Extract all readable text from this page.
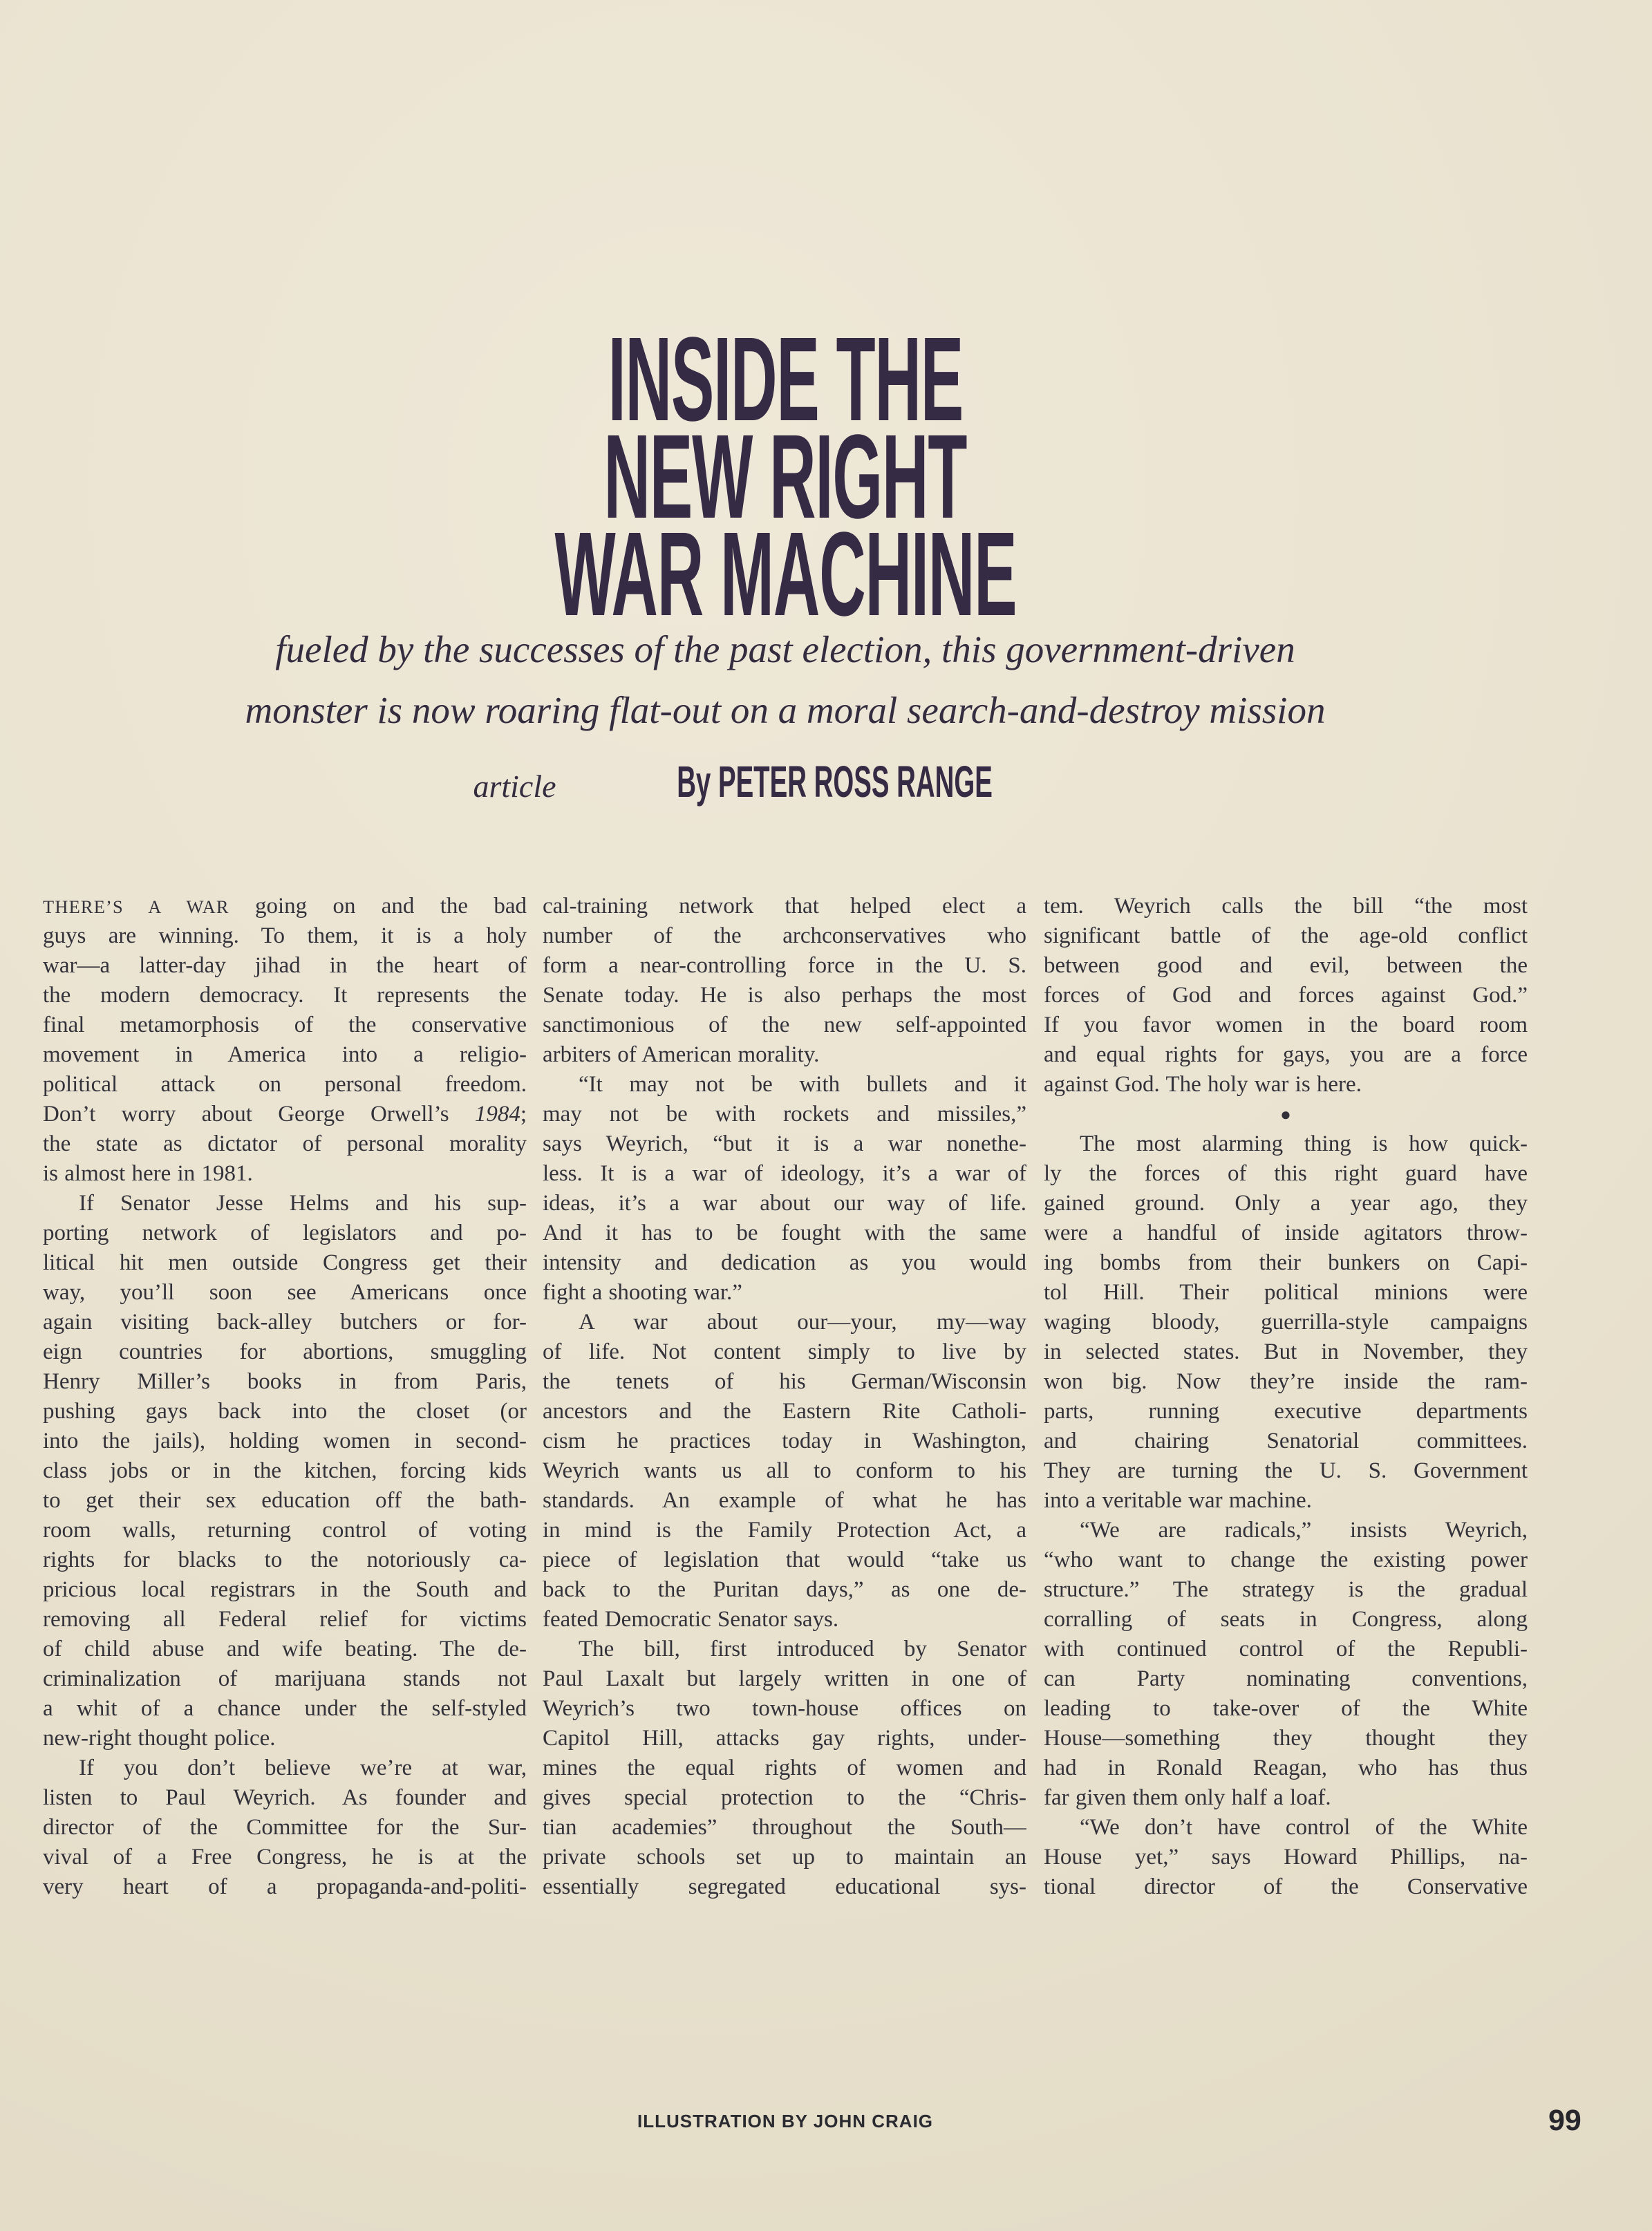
INSIDE THE
NEW RIGHT
WAR MACHINE
fueled by the successes of the past election, this government-driven
monster is now roaring flat-out on a moral search-and-destroy mission
article	By PETER ROSS RANGE
THERE’S A WAR going on and the bad
guys are winning. To them, it is a holy
war—a latter-day jihad in the heart of
the modern democracy. It represents the
final metamorphosis of the conservative
movement in America into a religio-
political attack on personal freedom.
Don’t worry about George Orwell’s 1984;
the state as dictator of personal morality
is almost here in 1981.
If Senator Jesse Helms and his sup-
porting network of legislators and po-
litical hit men outside Congress get their
way, you’ll soon see Americans once
again visiting back-alley butchers or for-
eign countries for abortions, smuggling
Henry Miller’s books in from Paris,
pushing gays back into the closet (or
into the jails), holding women in second-
class jobs or in the kitchen, forcing kids
to get their sex education off the bath-
room walls, returning control of voting
rights for blacks to the notoriously ca-
pricious local registrars in the South and
removing all Federal relief for victims
of child abuse and wife beating. The de-
criminalization of marijuana stands not
a whit of a chance under the self-styled
new-right thought police.
If you don’t believe we’re at war,
listen to Paul Weyrich. As founder and
director of the Committee for the Sur-
vival of a Free Congress, he is at the
very heart of a propaganda-and-politi-
cal-training network that helped elect a
number of the archconservatives who
form a near-controlling force in the U. S.
Senate today. He is also perhaps the most
sanctimonious of the new self-appointed
arbiters of American morality.
“It may not be with bullets and it
may not be with rockets and missiles,”
says Weyrich, “but it is a war nonethe-
less. It is a war of ideology, it’s a war of
ideas, it’s a war about our way of life.
And it has to be fought with the same
intensity and dedication as you would
fight a shooting war.”
A war about our—your, my—way
of life. Not content simply to live by
the tenets of his German/Wisconsin
ancestors and the Eastern Rite Catholi-
cism he practices today in Washington,
Weyrich wants us all to conform to his
standards. An example of what he has
in mind is the Family Protection Act, a
piece of legislation that would “take us
back to the Puritan days,” as one de-
feated Democratic Senator says.
The bill, first introduced by Senator
Paul Laxalt but largely written in one of
Weyrich’s two town-house offices on
Capitol Hill, attacks gay rights, under-
mines the equal rights of women and
gives special protection to the “Chris-
tian academies” throughout the South—
private schools set up to maintain an
essentially segregated educational sys-
tem. Weyrich calls the bill “the most
significant battle of the age-old conflict
between good and evil, between the
forces of God and forces against God.”
If you favor women in the board room
and equal rights for gays, you are a force
against God. The holy war is here.
●
The most alarming thing is how quick-
ly the forces of this right guard have
gained ground. Only a year ago, they
were a handful of inside agitators throw-
ing bombs from their bunkers on Capi-
tol Hill. Their political minions were
waging bloody, guerrilla-style campaigns
in selected states. But in November, they
won big. Now they’re inside the ram-
parts, running executive departments
and chairing Senatorial committees.
They are turning the U. S. Government
into a veritable war machine.
“We are radicals,” insists Weyrich,
“who want to change the existing power
structure.” The strategy is the gradual
corralling of seats in Congress, along
with continued control of the Republi-
can Party nominating conventions,
leading to take-over of the White
House—something they thought they
had in Ronald Reagan, who has thus
far given them only half a loaf.
“We don’t have control of the White
House yet,” says Howard Phillips, na-
tional director of the Conservative
ILLUSTRATION BY JOHN CRAIG	99
